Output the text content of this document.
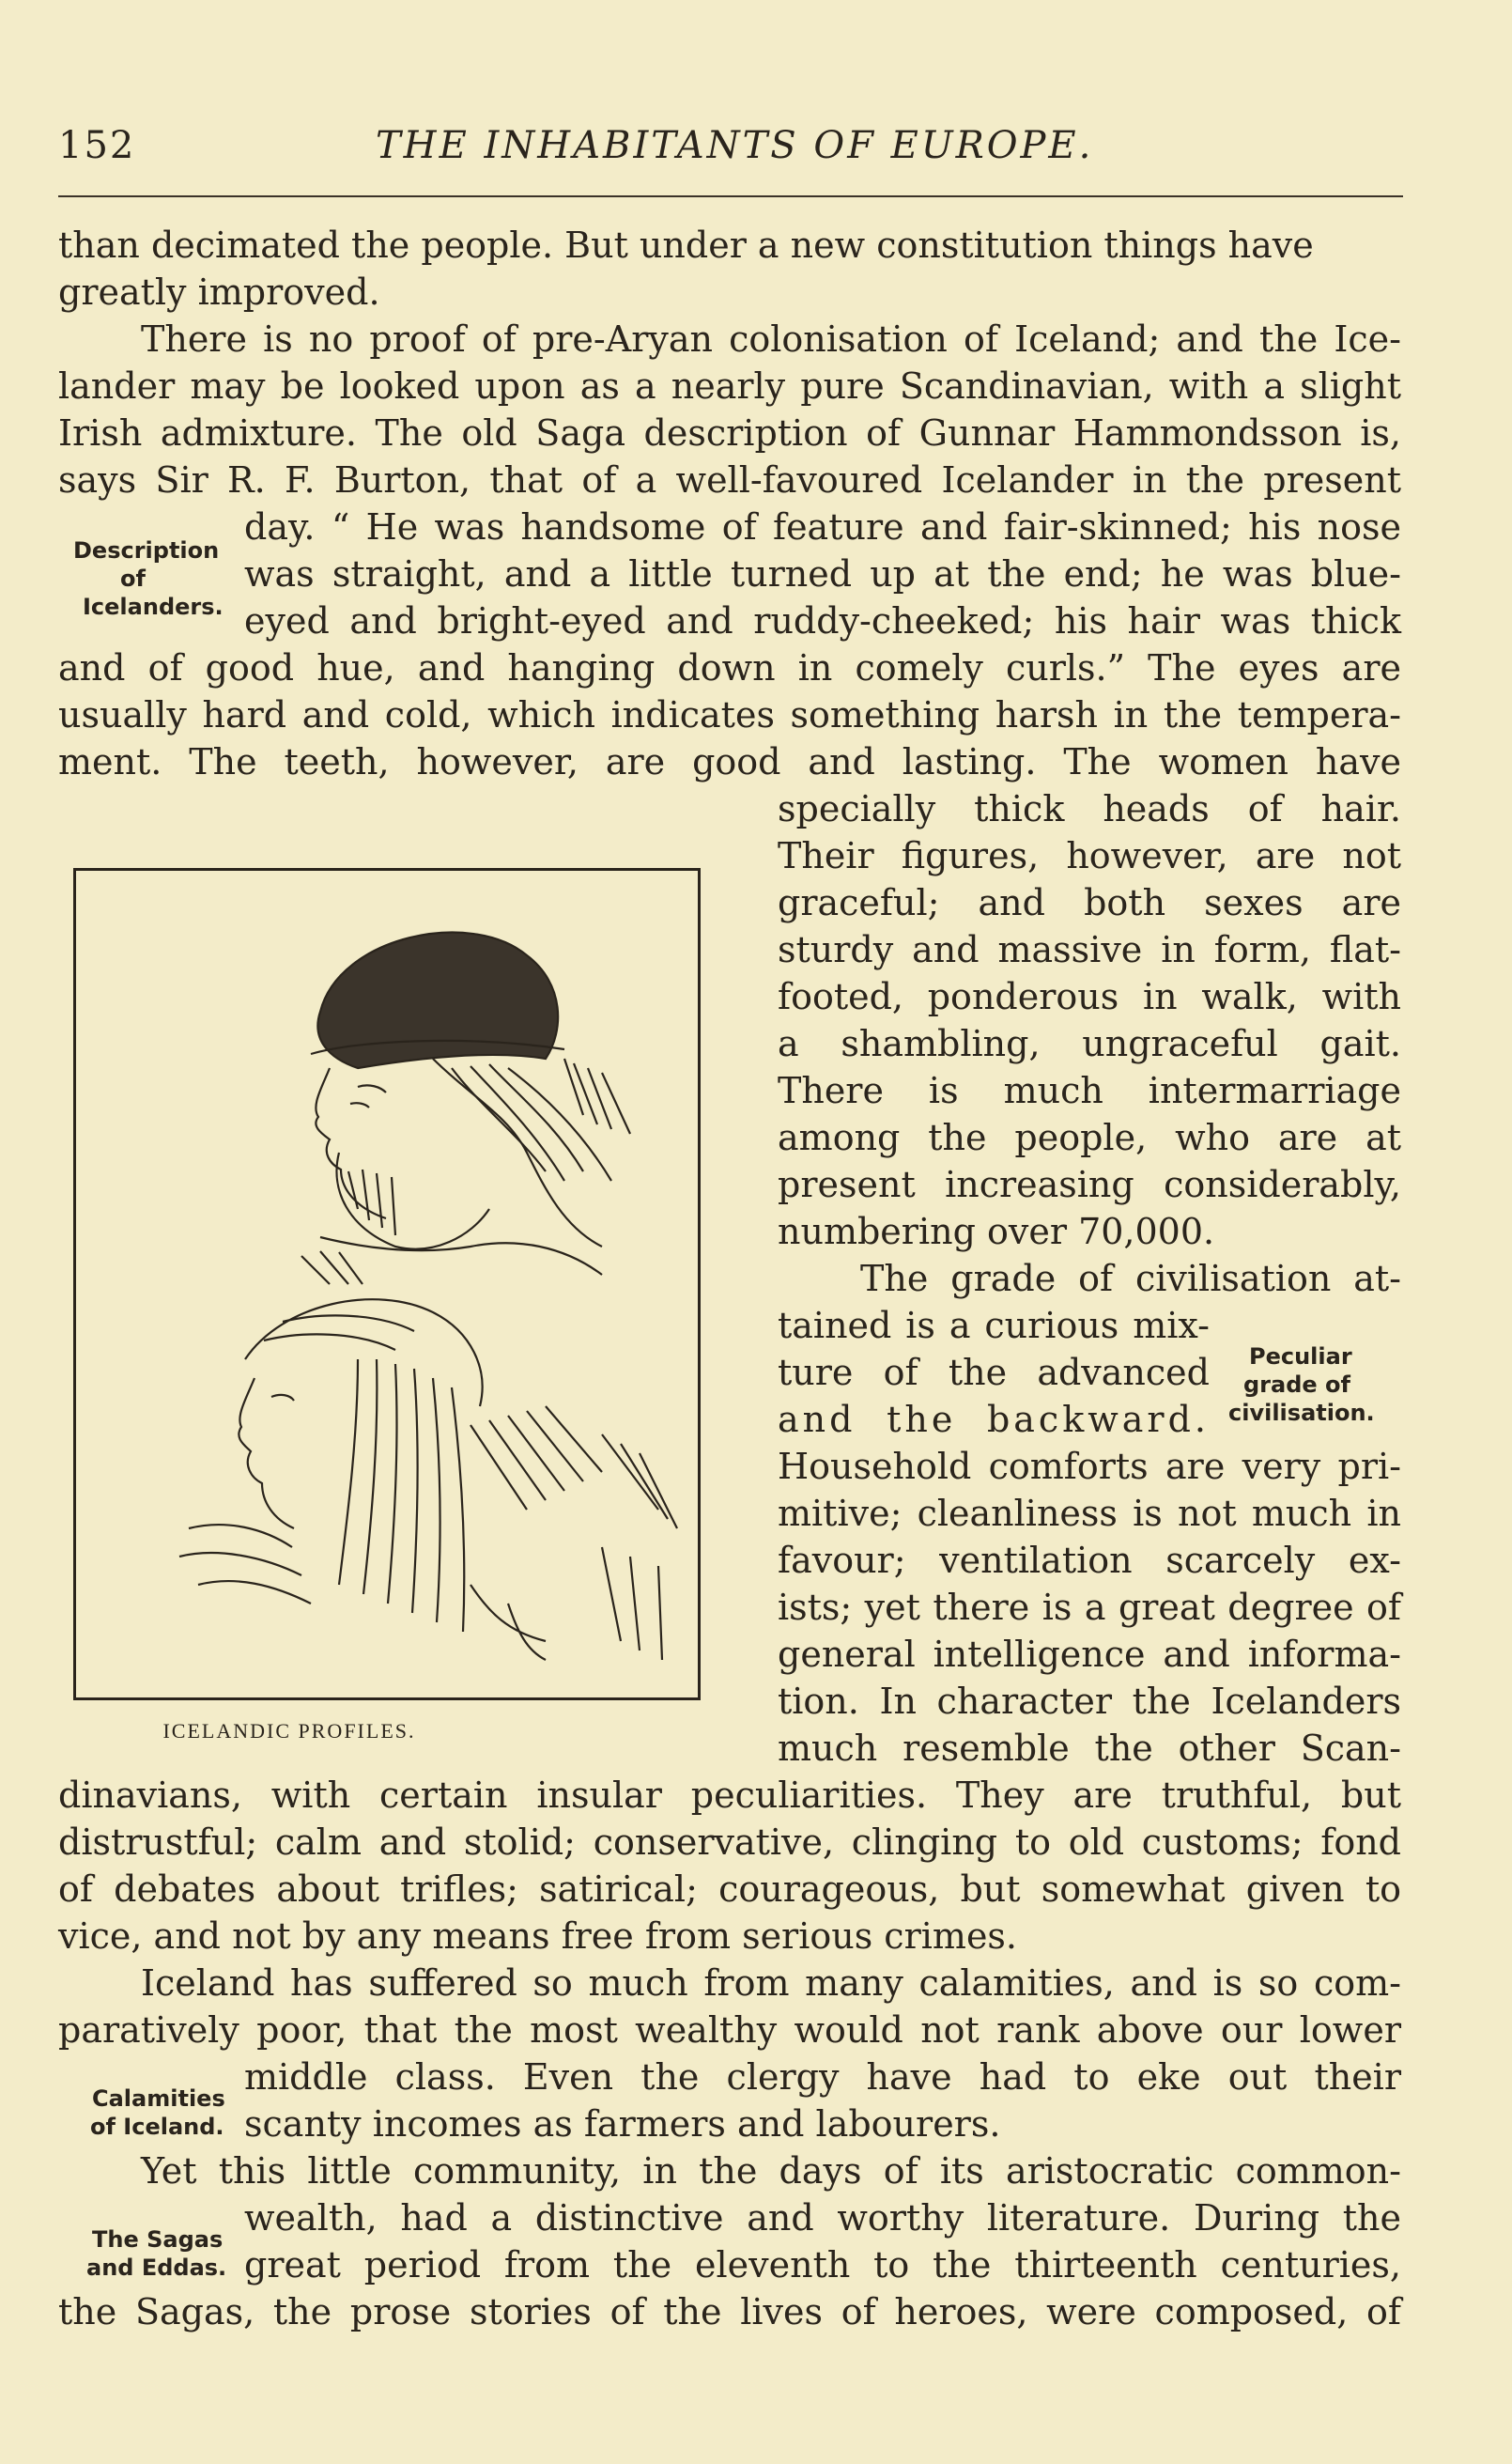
152	THE INHABITANTS OF EUROPE.
than decimated the people. But under a new constitution things have
greatly improved.
There is no proof of pre-Aryan colonisation of Iceland; and the Ice-
lander may be looked upon as a nearly pure Scandinavian, with a slight
Irish admixture. The old Saga description of Gunnar Hammondsson is,
says Sir R. F. Burton, that of a well-favoured Icelander in the present
day. “ He was handsome of feature and fair-skinned; his nose
was straight, and a little turned up at the end; he was blue-
eyed and bright-eyed and ruddy-cheeked; his hair was thick
and of good hue, and hanging down in comely curls.” The eyes are
usually hard and cold, which indicates something harsh in the tempera-
ment. The teeth, however, are good and lasting. The women have
specially thick heads of hair.
Their figures, however, are not
graceful; and both sexes are
sturdy and massive in form, flat-
footed, ponderous in walk, with
a shambling, ungraceful gait.
There is much intermarriage
among the people, who are at
present increasing considerably,
numbering over 70,000.
The grade of civilisation at-
tained is a curious mix-
ture of the advanced
and the backward.
Household comforts are very pri-
mitive; cleanliness is not much in
favour; ventilation scarcely ex-
ists; yet there is a great degree of
general intelligence and informa-
tion. In character the Icelanders
much resemble the other Scan-
dinavians, with certain insular peculiarities. They are truthful, but
distrustful; calm and stolid; conservative, clinging to old customs; fond
of debates about trifles; satirical; courageous, but somewhat given to
vice, and not by any means free from serious crimes.
Iceland has suffered so much from many calamities, and is so com-
paratively poor, that the most wealthy would not rank above our lower
middle class. Even the clergy have had to eke out their
scanty incomes as farmers and labourers.
Yet this little community, in the days of its aristocratic common-
wealth, had a distinctive and worthy literature. During the
great period from the eleventh to the thirteenth centuries,
the Sagas, the prose stories of the lives of heroes, were composed, of
Description
of
Icelanders.
Peculiar
grade of
civilisation.
Calamities
of Iceland.
The Sagas
and Eddas.
ICELANDIC PROFILES.
